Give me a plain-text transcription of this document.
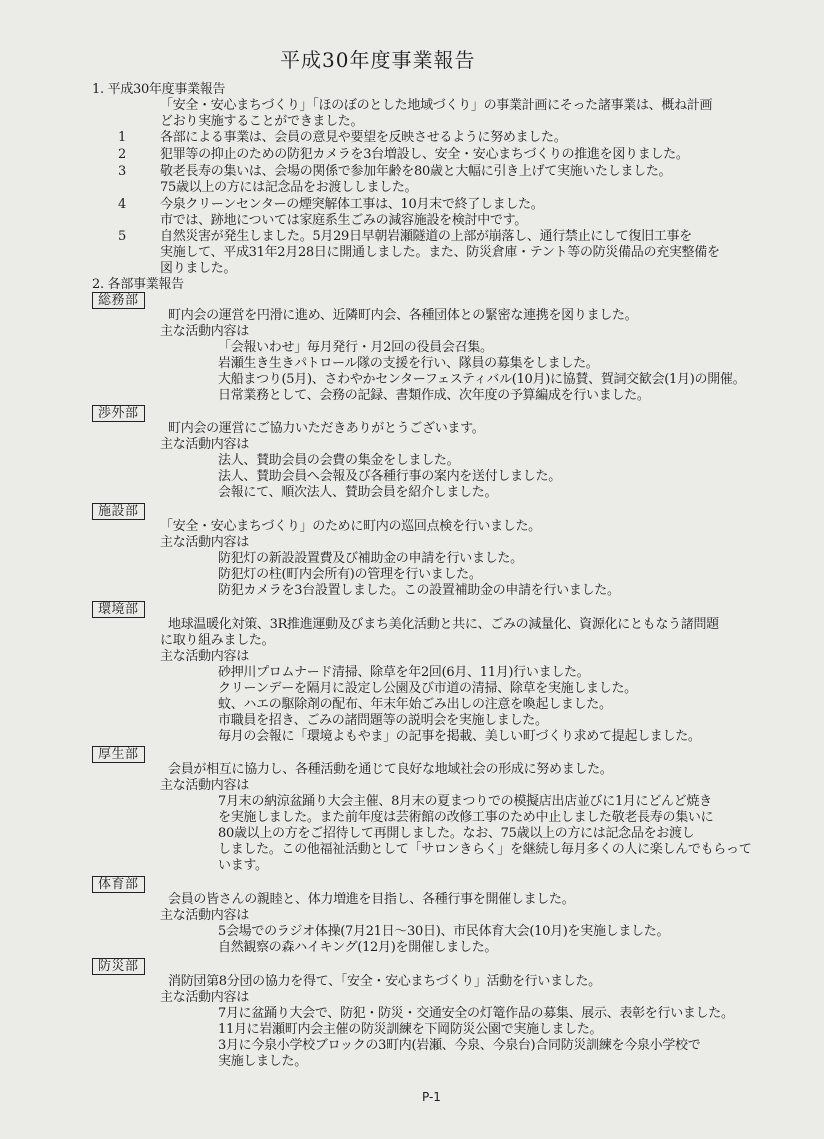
平成30年度事業報告
1. 平成30年度事業報告
「安全・安心まちづくり」「ほのぼのとした地域づくり」の事業計画にそった諸事業は、概ね計画
どおり実施することができました。
1	各部による事業は、会員の意見や要望を反映させるように努めました。
2	犯罪等の抑止のための防犯カメラを3台増設し、安全・安心まちづくりの推進を図りました。
3	敬老長寿の集いは、会場の関係で参加年齢を80歳と大幅に引き上げて実施いたしました。
75歳以上の方には記念品をお渡ししました。
4	今泉クリーンセンターの煙突解体工事は、10月末で終了しました。
市では、跡地については家庭系生ごみの減容施設を検討中です。
5	自然災害が発生しました。5月29日早朝岩瀬隧道の上部が崩落し、通行禁止にして復旧工事を
実施して、平成31年2月28日に開通しました。また、防災倉庫・テント等の防災備品の充実整備を
図りました。
2. 各部事業報告
総務部
町内会の運営を円滑に進め、近隣町内会、各種団体との緊密な連携を図りました。
主な活動内容は
「会報いわせ」毎月発行・月2回の役員会召集。
岩瀬生き生きパトロール隊の支援を行い、隊員の募集をしました。
大船まつり(5月)、さわやかセンターフェスティバル(10月)に協賛、賀詞交歓会(1月)の開催。
日常業務として、会務の記録、書類作成、次年度の予算編成を行いました。
渉外部
町内会の運営にご協力いただきありがとうございます。
主な活動内容は
法人、賛助会員の会費の集金をしました。
法人、賛助会員へ会報及び各種行事の案内を送付しました。
会報にて、順次法人、賛助会員を紹介しました。
施設部
「安全・安心まちづくり」のために町内の巡回点検を行いました。
主な活動内容は
防犯灯の新設設置費及び補助金の申請を行いました。
防犯灯の柱(町内会所有)の管理を行いました。
防犯カメラを3台設置しました。この設置補助金の申請を行いました。
環境部
地球温暖化対策、3R推進運動及びまち美化活動と共に、ごみの減量化、資源化にともなう諸問題
に取り組みました。
主な活動内容は
砂押川プロムナード清掃、除草を年2回(6月、11月)行いました。
クリーンデーを隔月に設定し公園及び市道の清掃、除草を実施しました。
蚊、ハエの駆除剤の配布、年末年始ごみ出しの注意を喚起しました。
市職員を招き、ごみの諸問題等の説明会を実施しました。
毎月の会報に「環境よもやま」の記事を掲載、美しい町づくり求めて提起しました。
厚生部
会員が相互に協力し、各種活動を通じて良好な地域社会の形成に努めました。
主な活動内容は
7月末の納涼盆踊り大会主催、8月末の夏まつりでの模擬店出店並びに1月にどんど焼き
を実施しました。また前年度は芸術館の改修工事のため中止しました敬老長寿の集いに
80歳以上の方をご招待して再開しました。なお、75歳以上の方には記念品をお渡し
しました。この他福祉活動として「サロンきらく」を継続し毎月多くの人に楽しんでもらって
います。
体育部
会員の皆さんの親睦と、体力増進を目指し、各種行事を開催しました。
主な活動内容は
5会場でのラジオ体操(7月21日～30日)、市民体育大会(10月)を実施しました。
自然観察の森ハイキング(12月)を開催しました。
防災部
消防団第8分団の協力を得て、「安全・安心まちづくり」活動を行いました。
主な活動内容は
7月に盆踊り大会で、防犯・防災・交通安全の灯篭作品の募集、展示、表彰を行いました。
11月に岩瀬町内会主催の防災訓練を下岡防災公園で実施しました。
3月に今泉小学校ブロックの3町内(岩瀬、今泉、今泉台)合同防災訓練を今泉小学校で
実施しました。
P-1
